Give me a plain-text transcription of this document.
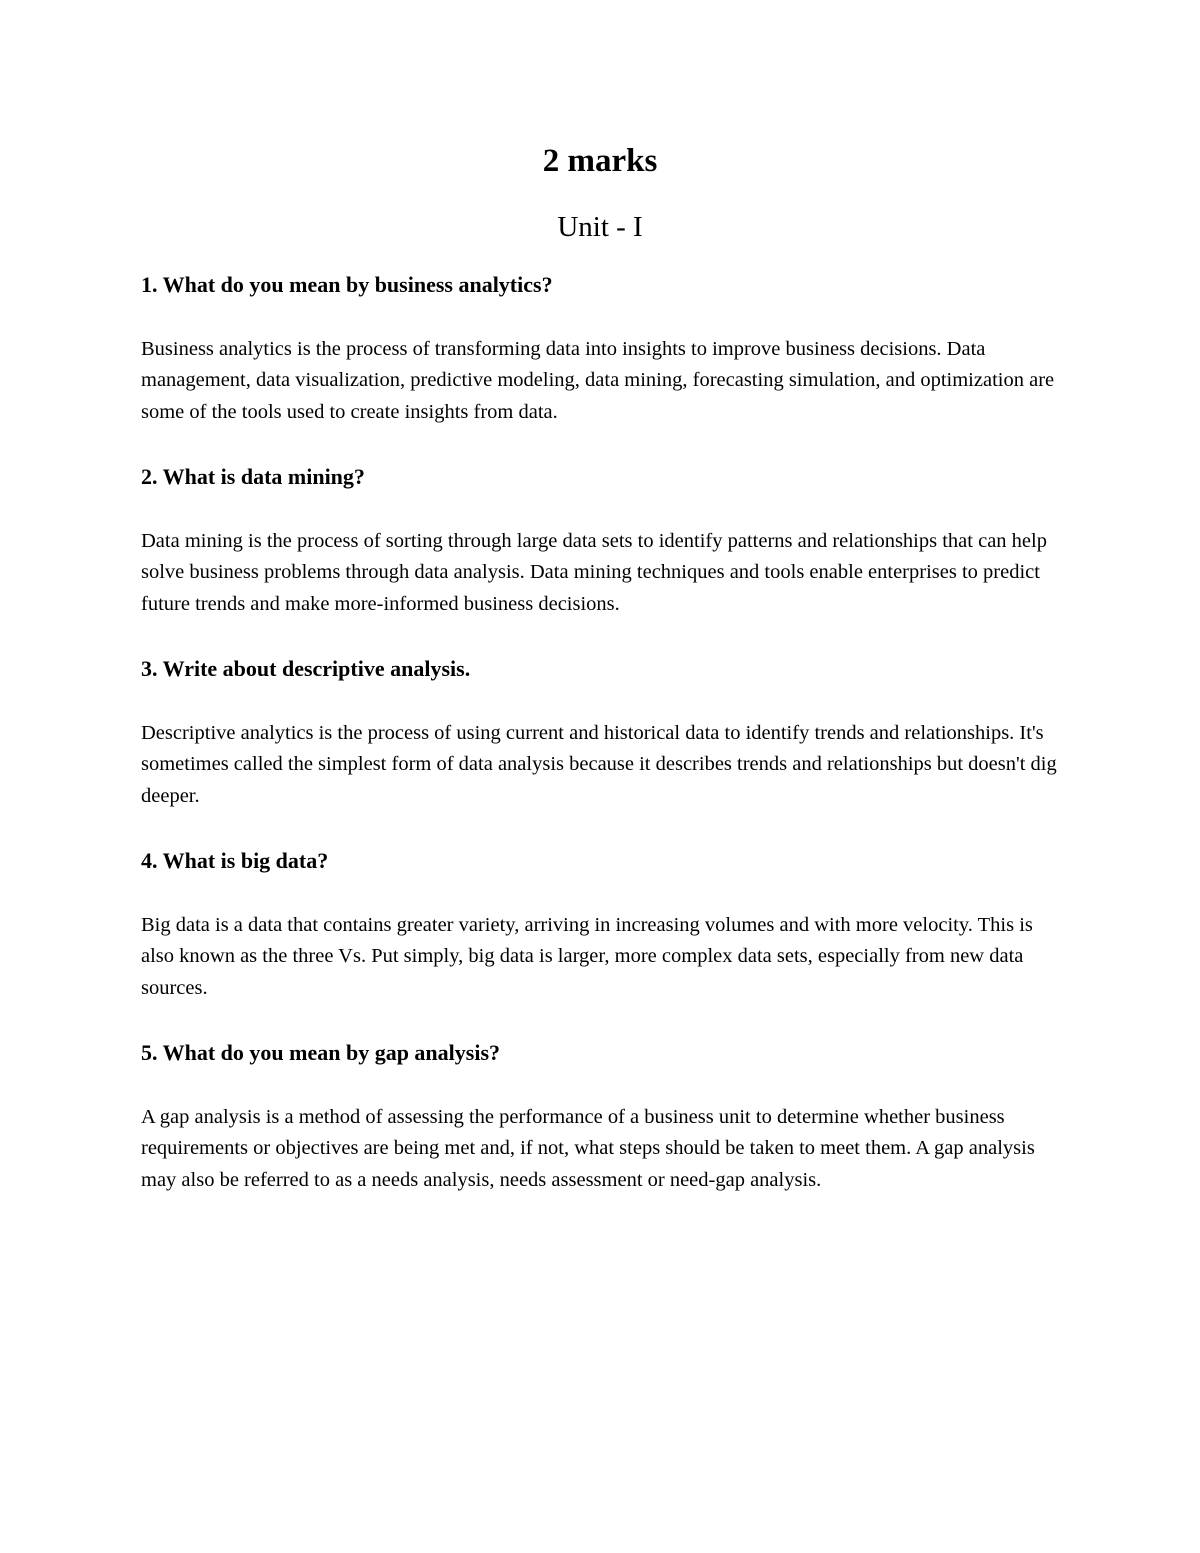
2 marks
Unit - I

1. What do you mean by business analytics?

Business analytics is the process of transforming data into insights to improve business decisions. Data management, data visualization, predictive modeling, data mining, forecasting simulation, and optimization are some of the tools used to create insights from data.

2. What is data mining?

Data mining is the process of sorting through large data sets to identify patterns and relationships that can help solve business problems through data analysis. Data mining techniques and tools enable enterprises to predict future trends and make more-informed business decisions.

3. Write about descriptive analysis.

Descriptive analytics is the process of using current and historical data to identify trends and relationships. It's sometimes called the simplest form of data analysis because it describes trends and relationships but doesn't dig deeper.

4. What is big data?

Big data is a data that contains greater variety, arriving in increasing volumes and with more velocity. This is also known as the three Vs. Put simply, big data is larger, more complex data sets, especially from new data sources.

5. What do you mean by gap analysis?

A gap analysis is a method of assessing the performance of a business unit to determine whether business requirements or objectives are being met and, if not, what steps should be taken to meet them. A gap analysis may also be referred to as a needs analysis, needs assessment or need-gap analysis.
